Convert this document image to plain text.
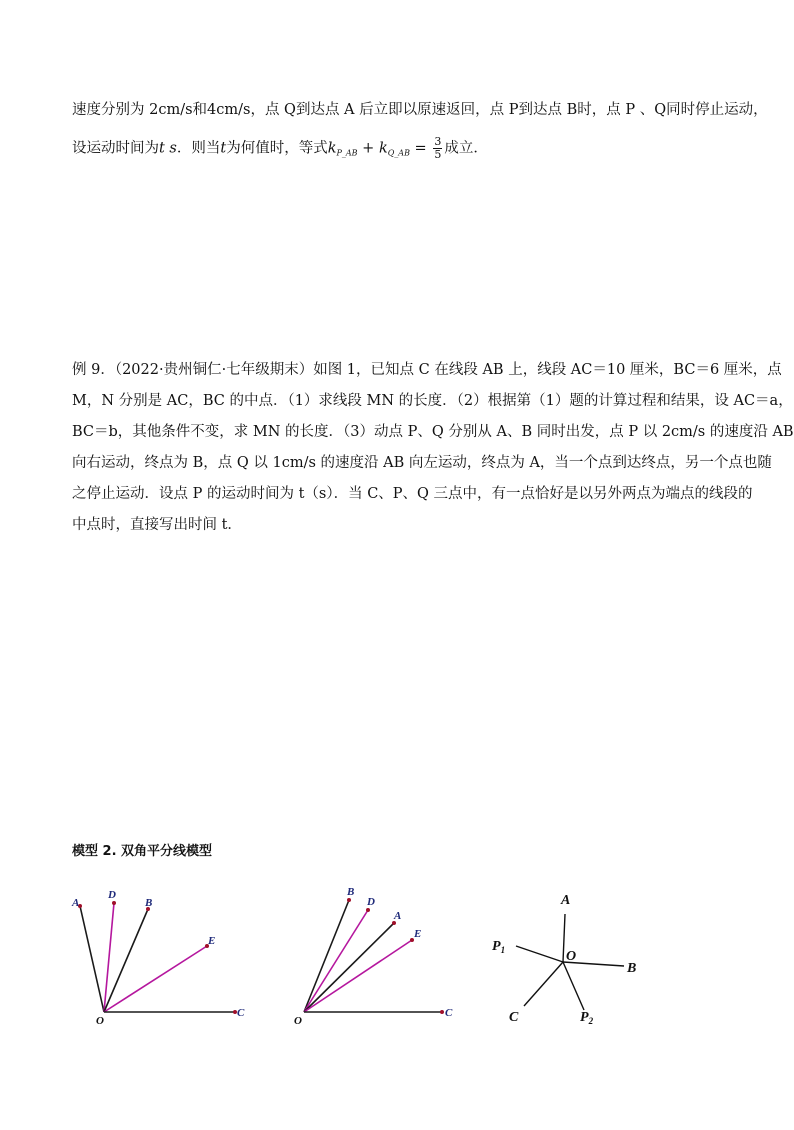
速度分别为 2cm/s和4cm/s，点 Q到达点 A 后立即以原速返回，点 P到达点 B时，点 P 、Q同时停止运动，
设运动时间为t s．则当t为何值时，等式$k_{P\_AB} + k_{Q\_AB} = \frac{3}{5}$ 成立．
例 9．（2022·贵州铜仁·七年级期末）如图 1，已知点 C 在线段 AB 上，线段 AC＝10 厘米，BC＝6 厘米，点
M，N 分别是 AC，BC 的中点．（1）求线段 MN 的长度．（2）根据第（1）题的计算过程和结果，设 AC＝a，
BC＝b，其他条件不变，求 MN 的长度．（3）动点 P、Q 分别从 A、B 同时出发，点 P 以 2cm/s 的速度沿 AB
向右运动，终点为 B，点 Q 以 1cm/s 的速度沿 AB 向左运动，终点为 A，当一个点到达终点，另一个点也随
之停止运动．设点 P 的运动时间为 t（s）．当 C、P、Q 三点中，有一点恰好是以另外两点为端点的线段的
中点时，直接写出时间 t．
模型 2. 双角平分线模型
A
D
B
E
O
C
B
D
A
E
O
C
A
$P_1$	O
B
C	$P_2$
